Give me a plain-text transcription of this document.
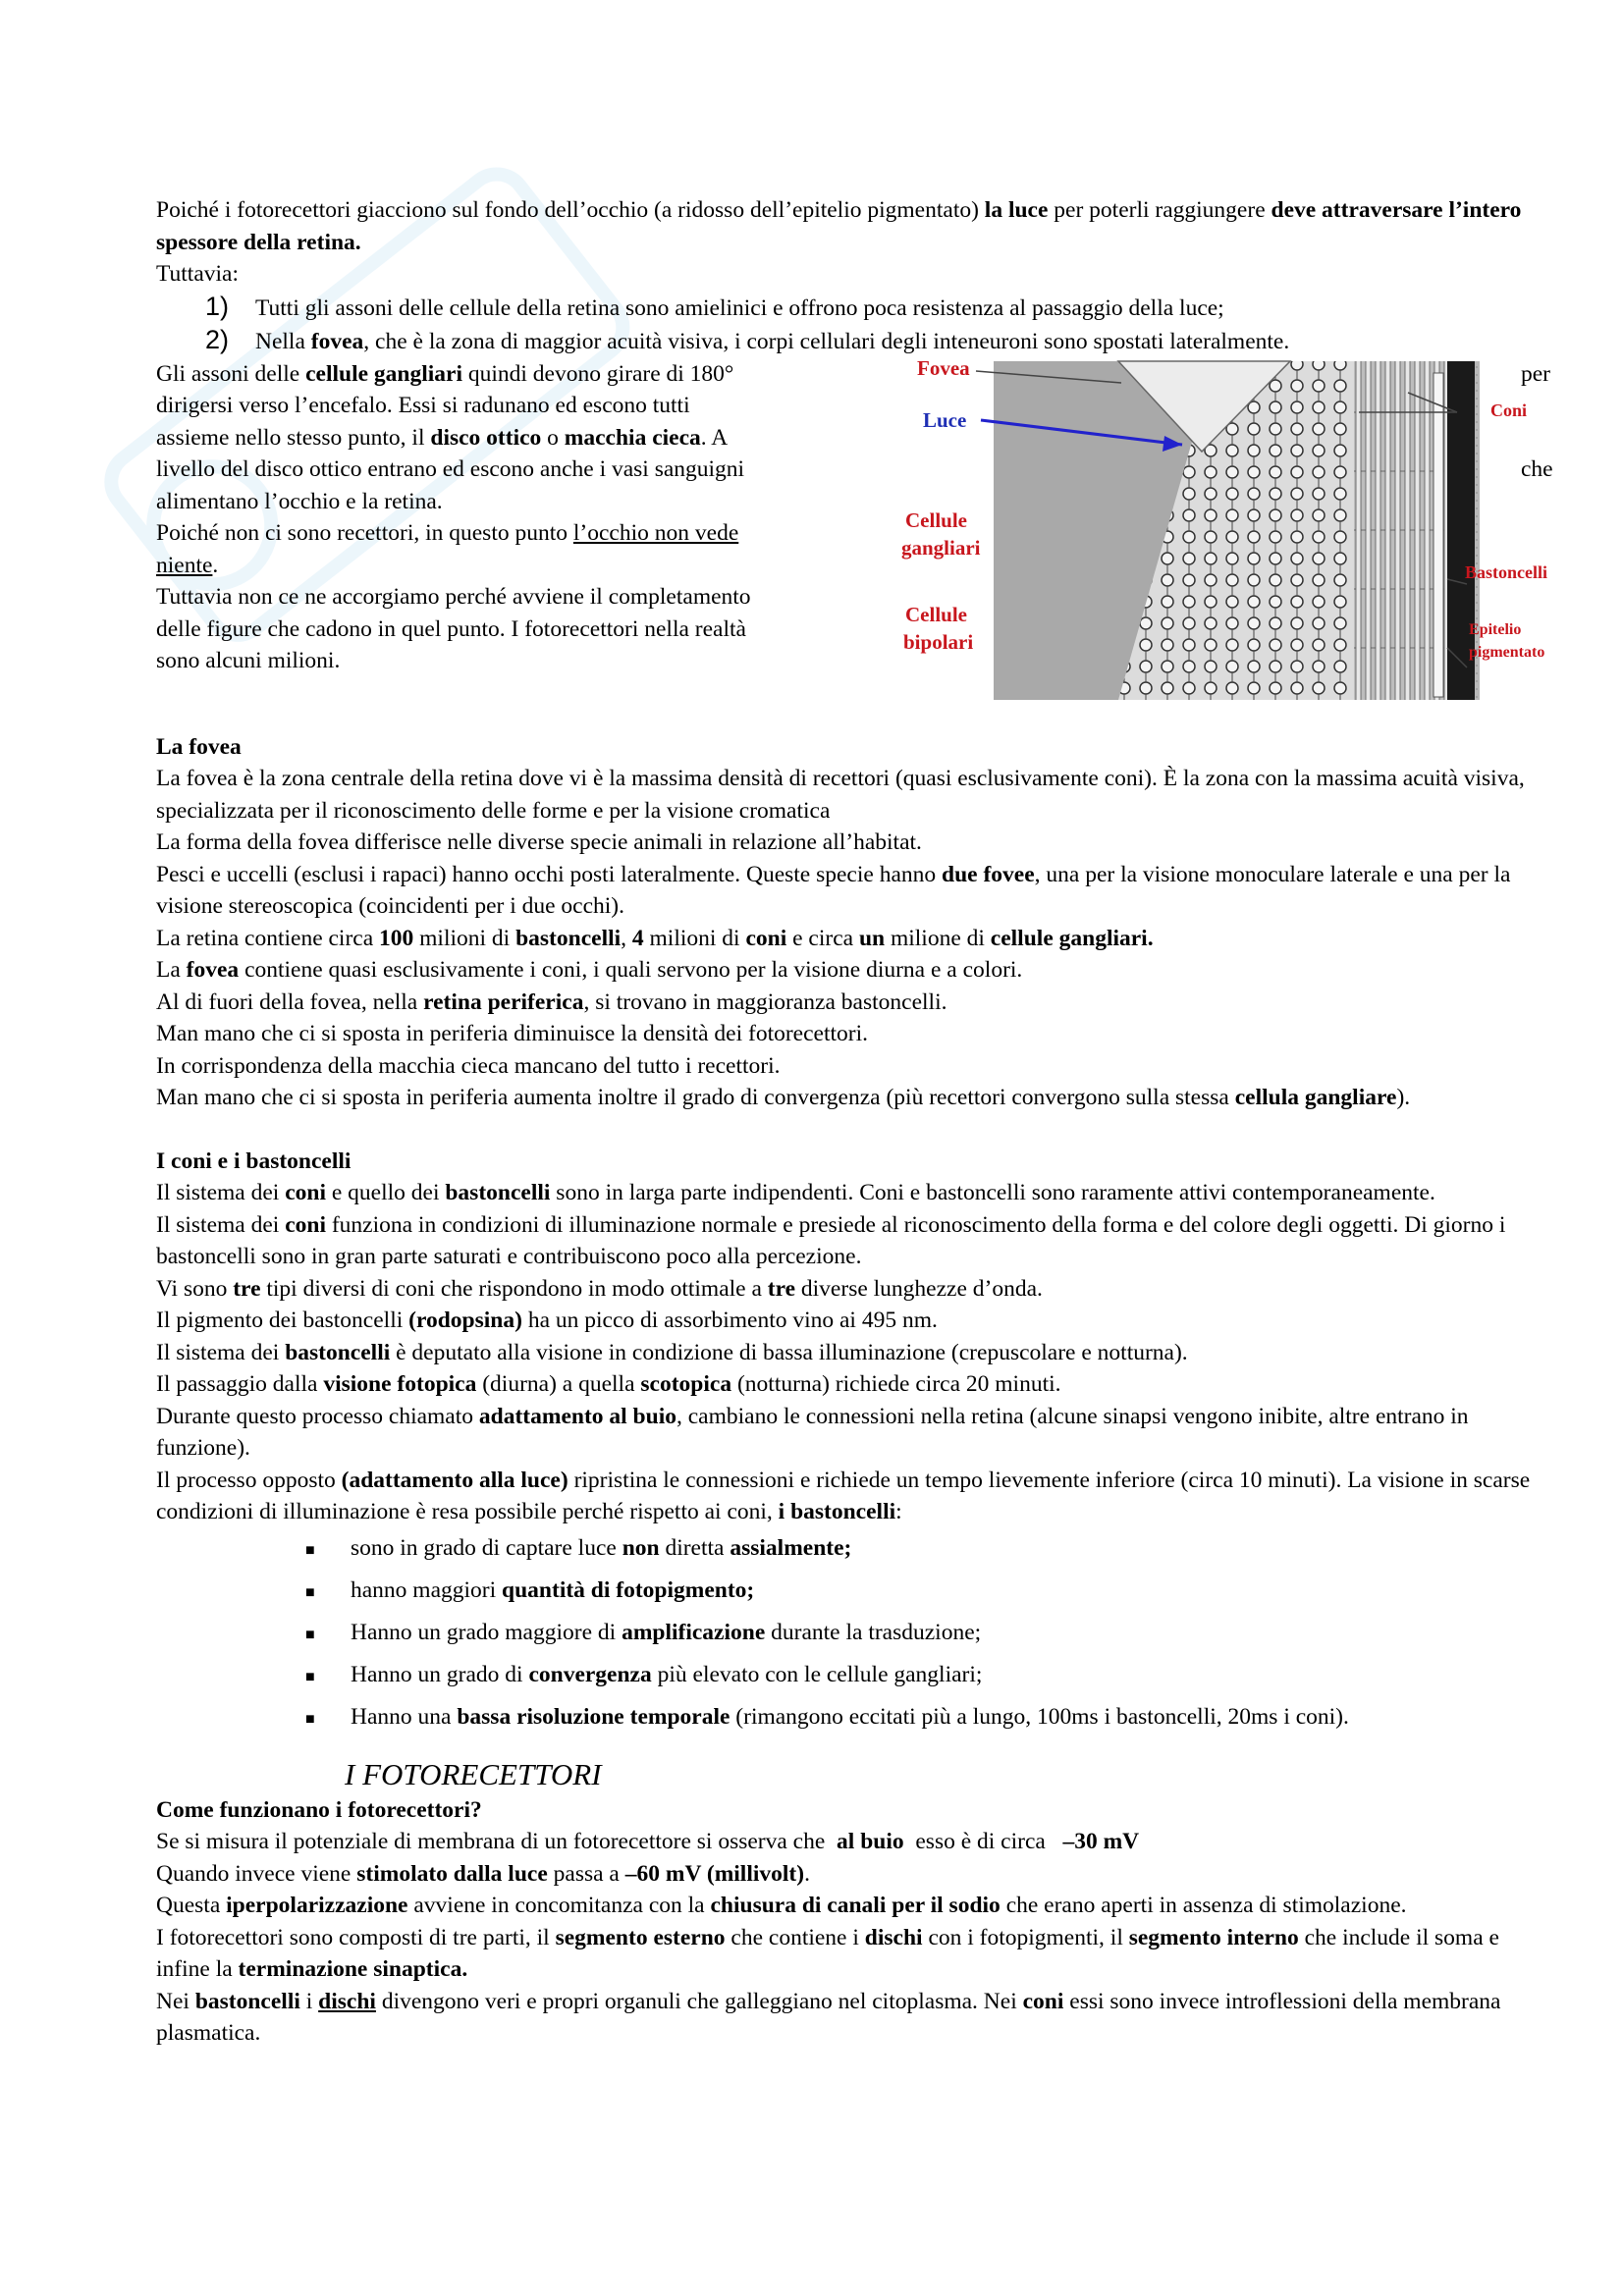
Poiché i fotorecettori giacciono sul fondo dell’occhio (a ridosso dell’epitelio pigmentato) la luce per poterli raggiungere deve attraversare l’intero spessore della retina.

Tuttavia:

1)	Tutti gli assoni delle cellule della retina sono amielinici e offrono poca resistenza al passaggio della luce;
2)	Nella fovea, che è la zona di maggior acuità visiva, i corpi cellulari degli inteneuroni sono spostati lateralmente.

Gli assoni delle cellule gangliari quindi devono girare di 180°

dirigersi verso l’encefalo. Essi si radunano ed escono tutti

assieme nello stesso punto, il disco ottico o macchia cieca. A

livello del disco ottico entrano ed escono anche i vasi sanguigni

alimentano l’occhio e la retina.

Poiché non ci sono recettori, in questo punto l’occhio non vede

niente.

Tuttavia non ce ne accorgiamo perché avviene il completamento

delle figure che cadono in quel punto. I fotorecettori nella realtà

sono alcuni milioni.

per
che
Fovea
Luce
Cellule
gangliari
Cellule
bipolari
Coni
Bastoncelli
Epitelio
pigmentato

La fovea

La fovea è la zona centrale della retina dove vi è la massima densità di recettori (quasi esclusivamente coni). È la zona con la massima acuità visiva, specializzata per il riconoscimento delle forme e per la visione cromatica

La forma della fovea differisce nelle diverse specie animali in relazione all’habitat.

Pesci e uccelli (esclusi i rapaci) hanno occhi posti lateralmente. Queste specie hanno due fovee, una per la visione monoculare laterale e una per la visione stereoscopica (coincidenti per i due occhi).

La retina contiene circa 100 milioni di bastoncelli, 4 milioni di coni e circa un milione di cellule gangliari.

La fovea contiene quasi esclusivamente i coni, i quali servono per la visione diurna e a colori.

Al di fuori della fovea, nella retina periferica, si trovano in maggioranza bastoncelli.

Man mano che ci si sposta in periferia diminuisce la densità dei fotorecettori.

In corrispondenza della macchia cieca mancano del tutto i recettori.

Man mano che ci si sposta in periferia aumenta inoltre il grado di convergenza (più recettori convergono sulla stessa cellula gangliare).

I coni e i bastoncelli

Il sistema dei coni e quello dei bastoncelli sono in larga parte indipendenti. Coni e bastoncelli sono raramente attivi contemporaneamente.

Il sistema dei coni funziona in condizioni di illuminazione normale e presiede al riconoscimento della forma e del colore degli oggetti. Di giorno i bastoncelli sono in gran parte saturati e contribuiscono poco alla percezione.

Vi sono tre tipi diversi di coni che rispondono in modo ottimale a tre diverse lunghezze d’onda.

Il pigmento dei bastoncelli (rodopsina) ha un picco di assorbimento vino ai 495 nm.

Il sistema dei bastoncelli è deputato alla visione in condizione di bassa illuminazione (crepuscolare e notturna).

Il passaggio dalla visione fotopica (diurna) a quella scotopica (notturna) richiede circa 20 minuti.

Durante questo processo chiamato adattamento al buio, cambiano le connessioni nella retina (alcune sinapsi vengono inibite, altre entrano in funzione).

Il processo opposto (adattamento alla luce) ripristina le connessioni e richiede un tempo lievemente inferiore (circa 10 minuti). La visione in scarse condizioni di illuminazione è resa possibile perché rispetto ai coni, i bastoncelli:

■	sono in grado di captare luce non diretta assialmente;
■	hanno maggiori quantità di fotopigmento;
■	Hanno un grado maggiore di amplificazione durante la trasduzione;
■	Hanno un grado di convergenza più elevato con le cellule gangliari;
■	Hanno una bassa risoluzione temporale (rimangono eccitati più a lungo, 100ms i bastoncelli, 20ms i coni).

I FOTORECETTORI

Come funzionano i fotorecettori?

Se si misura il potenziale di membrana di un fotorecettore si osserva che  al buio  esso è di circa   –30 mV

Quando invece viene stimolato dalla luce passa a –60 mV (millivolt).

Questa iperpolarizzazione avviene in concomitanza con la chiusura di canali per il sodio che erano aperti in assenza di stimolazione.

I fotorecettori sono composti di tre parti, il segmento esterno che contiene i dischi con i fotopigmenti, il segmento interno che include il soma e infine la terminazione sinaptica.

Nei bastoncelli i dischi divengono veri e propri organuli che galleggiano nel citoplasma. Nei coni essi sono invece introflessioni della membrana plasmatica.
